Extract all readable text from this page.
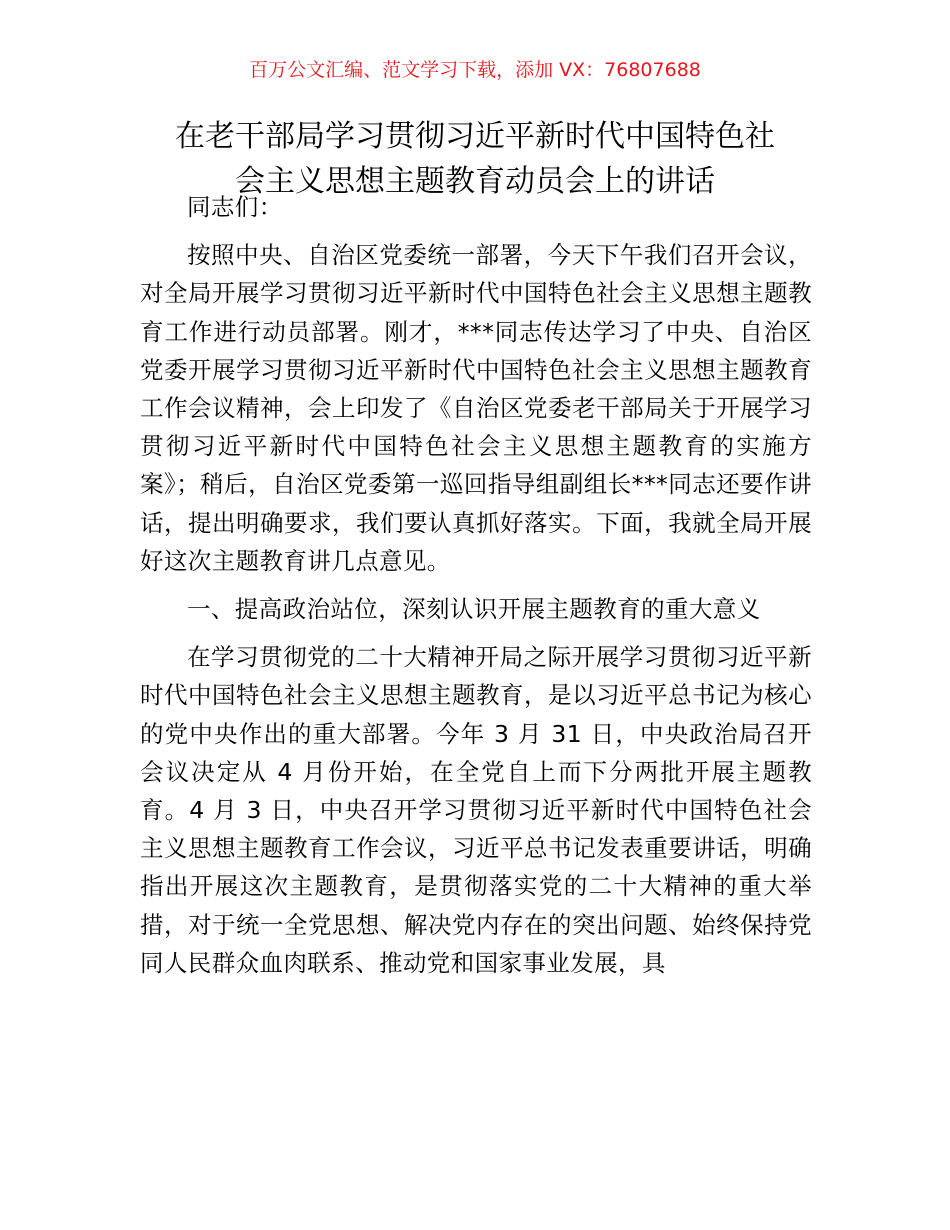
百万公文汇编、范文学习下载，添加 VX：76807688
在老干部局学习贯彻习近平新时代中国特色社
会主义思想主题教育动员会上的讲话

同志们：

按照中央、自治区党委统一部署，今天下午我们召开会议，对全局开展学习贯彻习近平新时代中国特色社会主义思想主题教育工作进行动员部署。刚才，***同志传达学习了中央、自治区党委开展学习贯彻习近平新时代中国特色社会主义思想主题教育工作会议精神，会上印发了《自治区党委老干部局关于开展学习贯彻习近平新时代中国特色社会主义思想主题教育的实施方案》；稍后，自治区党委第一巡回指导组副组长***同志还要作讲话，提出明确要求，我们要认真抓好落实。下面，我就全局开展好这次主题教育讲几点意见。

一、提高政治站位，深刻认识开展主题教育的重大意义

在学习贯彻党的二十大精神开局之际开展学习贯彻习近平新时代中国特色社会主义思想主题教育，是以习近平总书记为核心的党中央作出的重大部署。今年 3 月 31 日，中央政治局召开会议决定从 4 月份开始，在全党自上而下分两批开展主题教育。4 月 3 日，中央召开学习贯彻习近平新时代中国特色社会主义思想主题教育工作会议，习近平总书记发表重要讲话，明确指出开展这次主题教育，是贯彻落实党的二十大精神的重大举措，对于统一全党思想、解决党内存在的突出问题、始终保持党同人民群众血肉联系、推动党和国家事业发展，具
